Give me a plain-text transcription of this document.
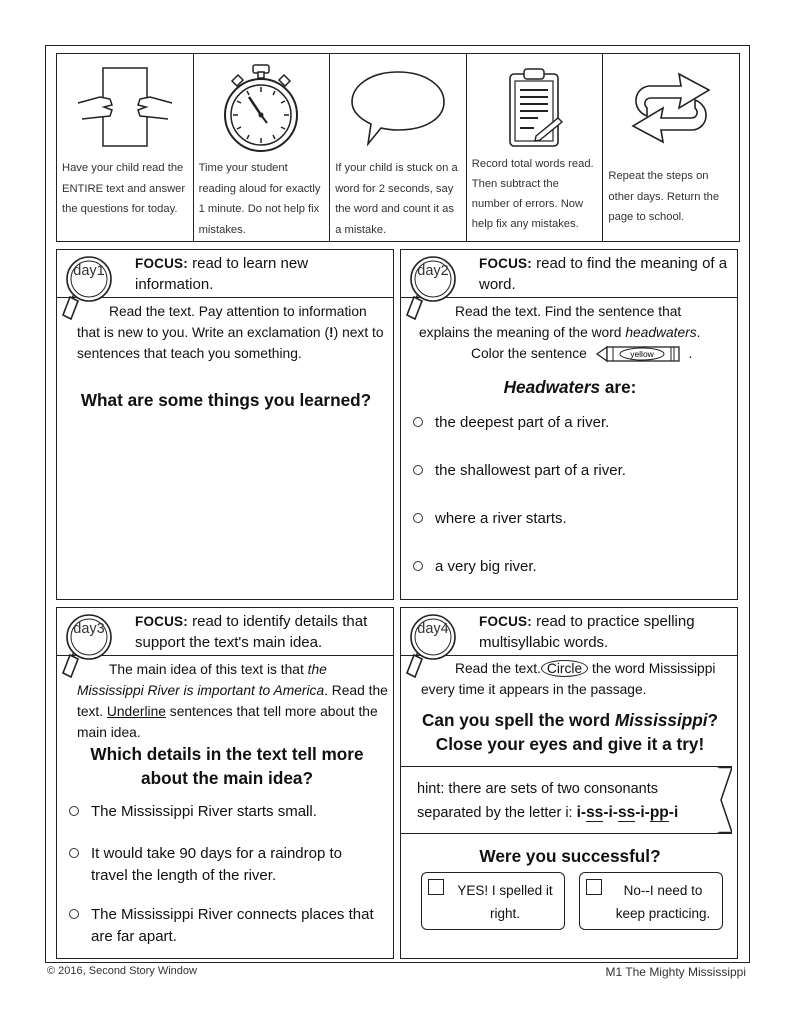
Have your child read the ENTIRE text and answer the questions for today.
Time your student reading aloud for exactly 1 minute. Do not help fix mistakes.
If your child is stuck on a word for 2 seconds, say the word and count it as a mistake.
Record total words read. Then subtract the number of errors. Now help fix any mistakes.
Repeat the steps on other days. Return the page to school.
FOCUS: read to learn new information.
day1
Read the text. Pay attention to information that is new to you. Write an exclamation (!) next to sentences that teach you something.
What are some things you learned?
FOCUS: read to find the meaning of a word.
day2
Read the text. Find the sentence that explains the meaning of the word headwaters.
Color the sentence	yellow	.
Headwaters are:
the deepest part of a river.
the shallowest part of a river.
where a river starts.
a very big river.
FOCUS: read to identify details that support the text's main idea.
day3
The main idea of this text is that the Mississippi River is important to America. Read the text. Underline sentences that tell more about the main idea.
Which details in the text tell more about the main idea?
The Mississippi River starts small.
It would take 90 days for a raindrop to travel the length of the river.
The Mississippi River connects places that are far apart.
FOCUS: read to practice spelling multisyllabic words.
day4
Read the text. Circle the word Mississippi every time it appears in the passage.
Can you spell the word Mississippi? Close your eyes and give it a try!
hint: there are sets of two consonants
separated by the letter i: i-ss-i-ss-i-pp-i
Were you successful?
YES! I spelled it right.
No--I need to keep practicing.
© 2016, Second Story Window	M1 The Mighty Mississippi
